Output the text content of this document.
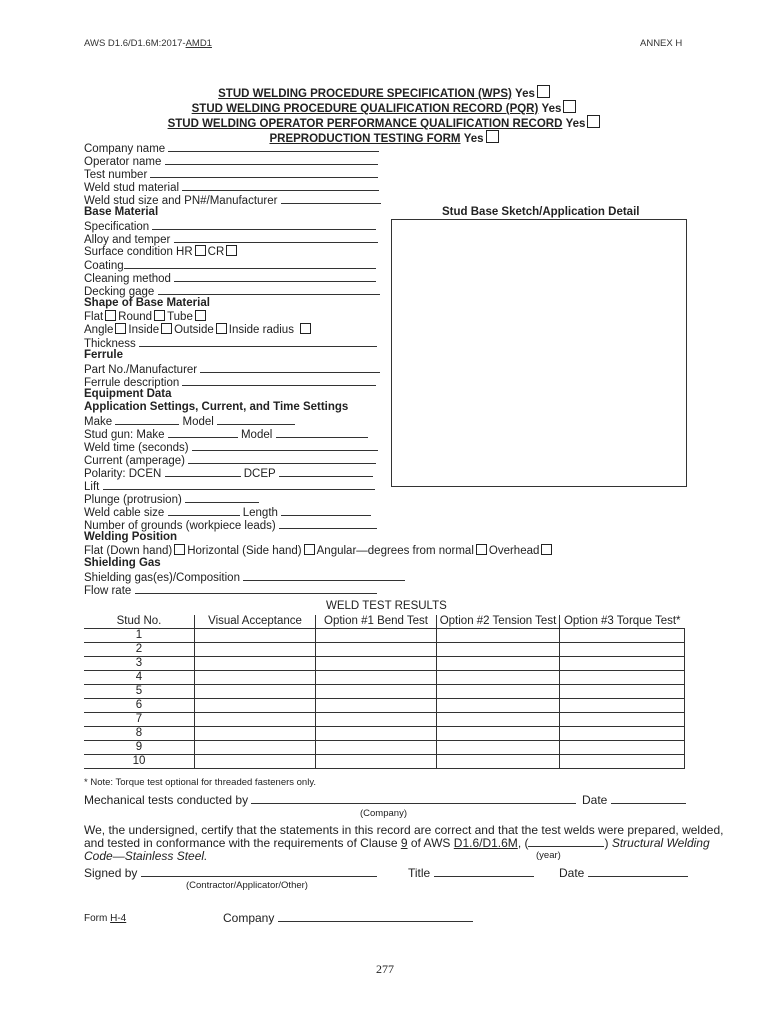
AWS D1.6/D1.6M:2017-AMD1	ANNEX H
STUD WELDING PROCEDURE SPECIFICATION (WPS) Yes
STUD WELDING PROCEDURE QUALIFICATION RECORD (PQR) Yes
STUD WELDING OPERATOR PERFORMANCE QUALIFICATION RECORD Yes
PREPRODUCTION TESTING FORM Yes
Company name
Operator name
Test number
Weld stud material
Weld stud size and PN#/Manufacturer
Base Material	Stud Base Sketch/Application Detail
Specification
Alloy and temper
Surface condition HR CR
Coating
Cleaning method
Decking gage
Shape of Base Material
Flat Round Tube
Angle Inside Outside Inside radius
Thickness
Ferrule
Part No./Manufacturer
Ferrule description
Equipment Data
Application Settings, Current, and Time Settings
Make	Model
Stud gun: Make	Model
Weld time (seconds)
Current (amperage)
Polarity: DCEN	DCEP
Lift
Plunge (protrusion)
Weld cable size	Length
Number of grounds (workpiece leads)
Welding Position
Flat (Down hand) Horizontal (Side hand) Angular—degrees from normal Overhead
Shielding Gas
Shielding gas(es)/Composition
Flow rate
WELD TEST RESULTS
Stud No.	Visual Acceptance	Option #1 Bend Test	Option #2 Tension Test	Option #3 Torque Test*
1				
2				
3				
4				
5				
6				
7				
8				
9				
10				
* Note: Torque test optional for threaded fasteners only.
Mechanical tests conducted by	Date
(Company)
We, the undersigned, certify that the statements in this record are correct and that the test welds were prepared, welded,
and tested in conformance with the requirements of Clause 9 of AWS D1.6/D1.6M, (	) Structural Welding
Code—Stainless Steel.	(year)
Signed by	Title	Date
(Contractor/Applicator/Other)
Form H-4	Company
277
